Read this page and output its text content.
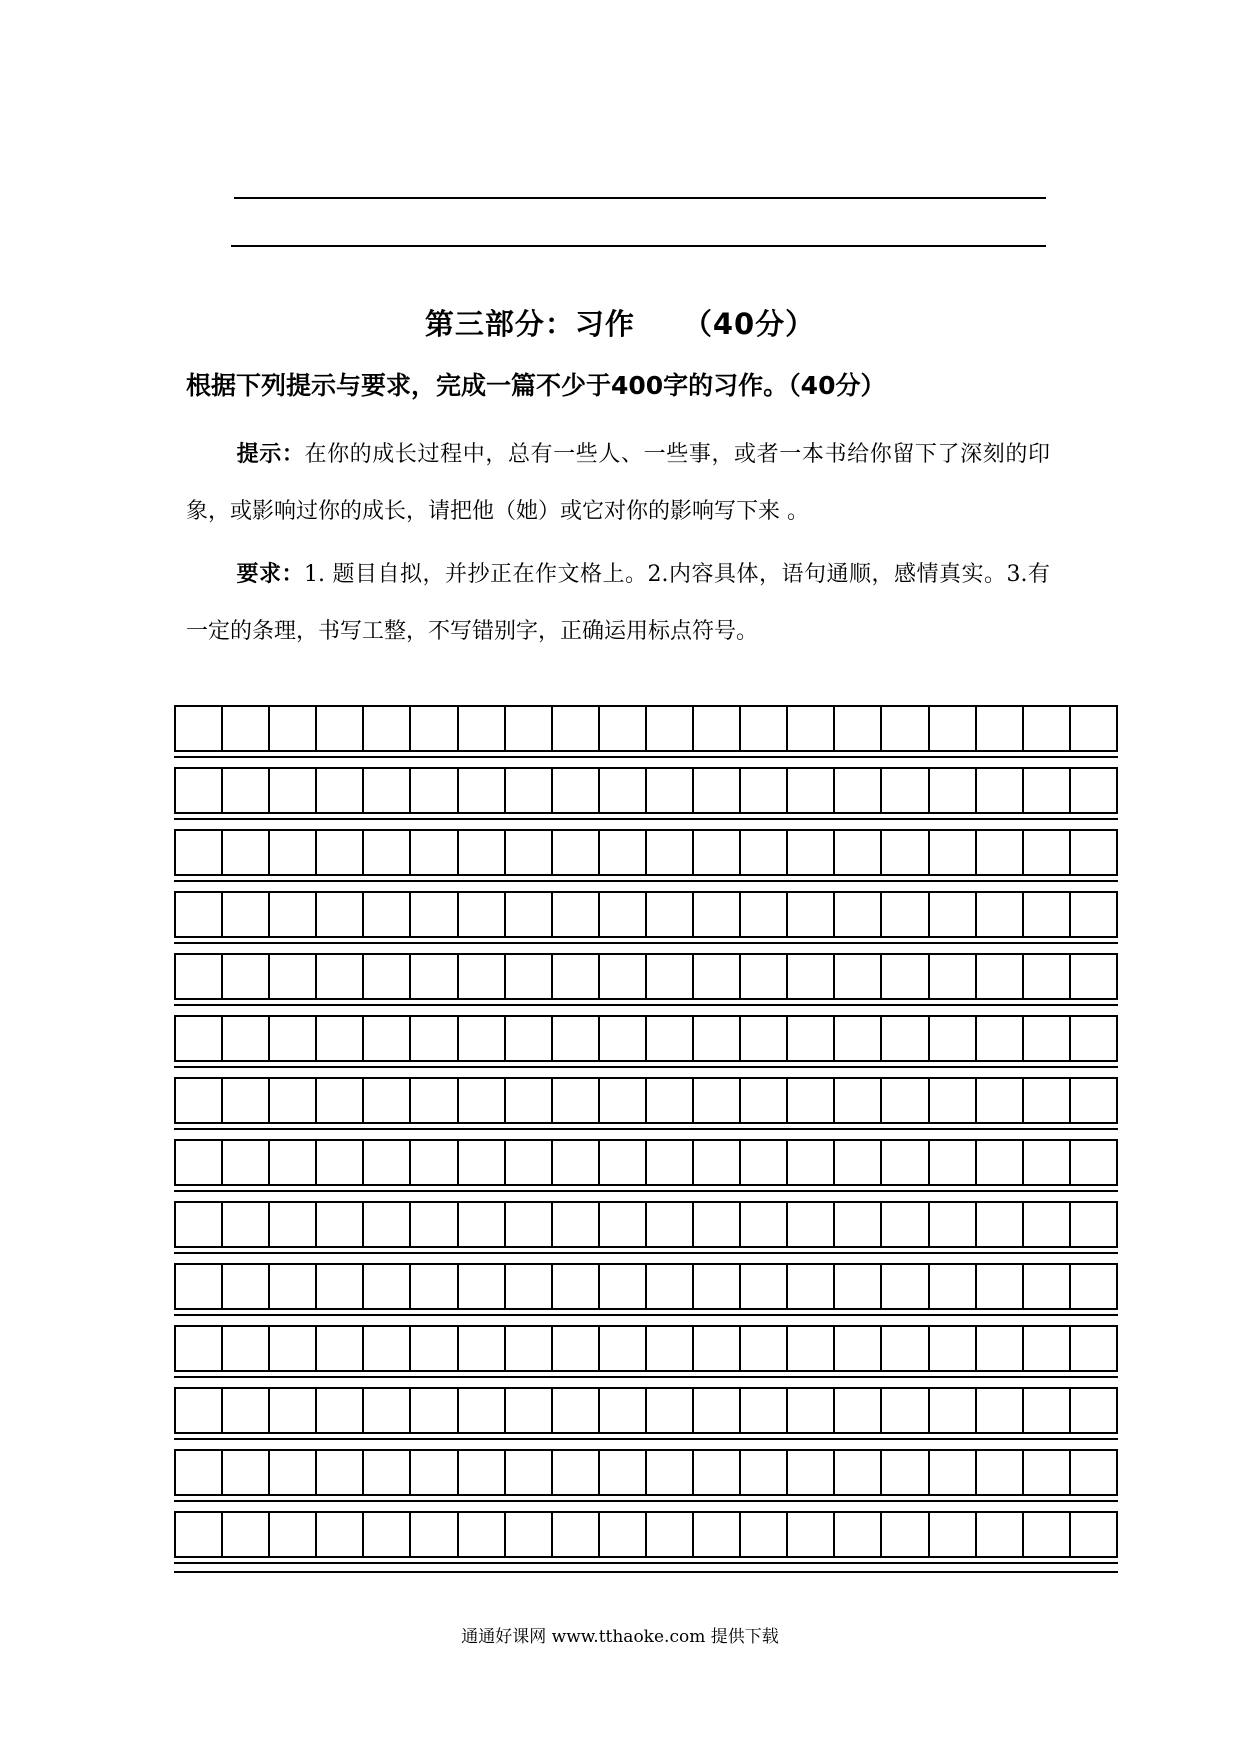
第三部分：习作 （40分）
根据下列提示与要求，完成一篇不少于400字的习作。（40分）
提示：在你的成长过程中，总有一些人、一些事，或者一本书给你留下了深刻的印象，或影响过你的成长，请把他（她）或它对你的影响写下来 。
要求：1. 题目自拟，并抄正在作文格上。2.内容具体，语句通顺，感情真实。3.有一定的条理，书写工整，不写错别字，正确运用标点符号。
通通好课网 www.tthaoke.com 提供下载
